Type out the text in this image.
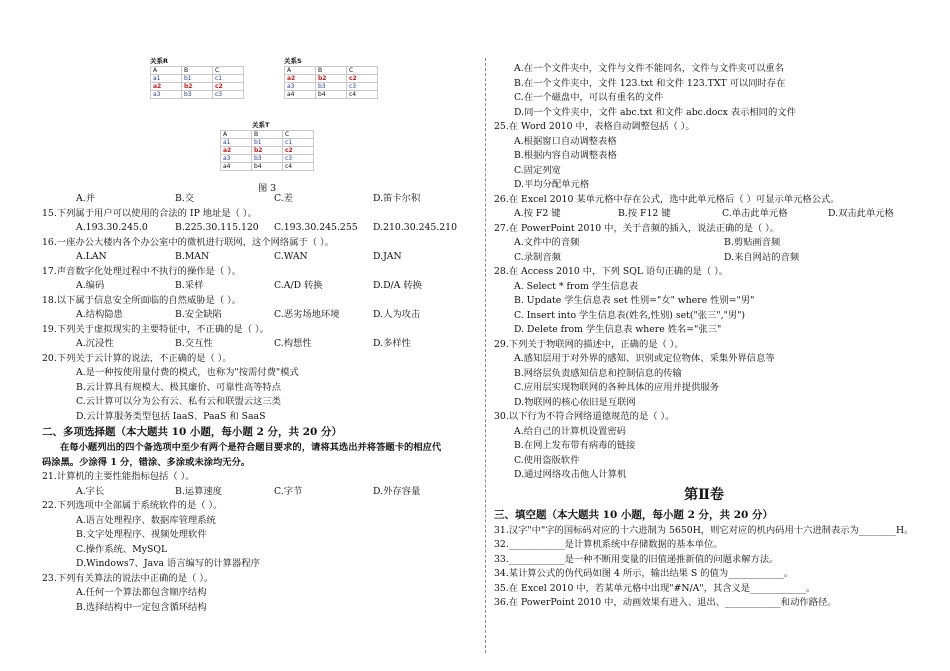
关系R
A	B	C
a1	b1	c1
a2	b2	c2
a3	b3	c3
关系S
A	B	C
a2	b2	c2
a3	b3	c3
a4	b4	c4
关系T
A	B	C
a1	b1	c1
a2	b2	c2
a3	b3	c3
a4	b4	c4
图 3
A.并	B.交	C.差	D.笛卡尔积
15.下列属于用户可以使用的合法的 IP 地址是（ ）。
A.193.30.245.0	B.225.30.115.120	C.193.30.245.255	D.210.30.245.210
16.一座办公大楼内各个办公室中的微机进行联网，这个网络属于（ ）。
A.LAN	B.MAN	C.WAN	D.JAN
17.声音数字化处理过程中不执行的操作是（ ）。
A.编码	B.采样	C.A/D 转换	D.D/A 转换
18.以下属于信息安全所面临的自然威胁是（ ）。
A.结构隐患	B.安全缺陷	C.恶劣场地环境	D.人为攻击
19.下列关于虚拟现实的主要特征中，不正确的是（ ）。
A.沉浸性	B.交互性	C.构想性	D.多样性
20.下列关于云计算的说法，不正确的是（ ）。
A.是一种按使用量付费的模式，也称为"按需付费"模式
B.云计算具有规模大、极其廉价、可靠性高等特点
C.云计算可以分为公有云、私有云和联盟云这三类
D.云计算服务类型包括 IaaS、PaaS 和 SaaS
二、多项选择题（本大题共 10 小题，每小题 2 分，共 20 分）
在每小题列出的四个备选项中至少有两个是符合题目要求的，请将其选出并将答题卡的相应代
码涂黑。少涂得 1 分，错涂、多涂或未涂均无分。
21.计算机的主要性能指标包括（ ）。
A.字长	B.运算速度	C.字节	D.外存容量
22.下列选项中全部属于系统软件的是（ ）。
A.语言处理程序、数据库管理系统
B.文字处理程序、视频处理软件
C.操作系统、MySQL
D.Windows7、Java 语言编写的计算器程序
23.下列有关算法的说法中正确的是（ ）。
A.任何一个算法都包含顺序结构
B.选择结构中一定包含循环结构
A.在一个文件夹中，文件与文件不能同名，文件与文件夹可以重名
B.在一个文件夹中，文件 123.txt 和文件 123.TXT 可以同时存在
C.在一个磁盘中，可以有重名的文件
D.同一个文件夹中，文件 abc.txt 和文件 abc.docx 表示相同的文件
25.在 Word 2010 中，表格自动调整包括（ ）。
A.根据窗口自动调整表格
B.根据内容自动调整表格
C.固定列宽
D.平均分配单元格
26.在 Excel 2010 某单元格中存在公式，选中此单元格后（ ）可显示单元格公式。
A.按 F2 键	B.按 F12 键	C.单击此单元格	D.双击此单元格
27.在 PowerPoint 2010 中，关于音频的插入，说法正确的是（ ）。
A.文件中的音频	B.剪贴画音频
C.录制音频	D.来自网站的音频
28.在 Access 2010 中，下列 SQL 语句正确的是（ ）。
A. Select * from 学生信息表
B. Update 学生信息表 set 性别="女" where 性别="男"
C. Insert into 学生信息表(姓名,性别) set("张三","男")
D. Delete from 学生信息表 where 姓名="张三"
29.下列关于物联网的描述中，正确的是（ ）。
A.感知层用于对外界的感知、识别或定位物体、采集外界信息等
B.网络层负责感知信息和控制信息的传输
C.应用层实现物联网的各种具体的应用并提供服务
D.物联网的核心依旧是互联网
30.以下行为不符合网络道德规范的是（ ）。
A.给自己的计算机设置密码
B.在网上发布带有病毒的链接
C.使用盗版软件
D.通过网络攻击他人计算机
第Ⅱ卷
三、填空题（本大题共 10 小题，每小题 2 分，共 20 分）
31.汉字"中"字的国标码对应的十六进制为 5650H，则它对应的机内码用十六进制表示为________H。
32.____________是计算机系统中存储数据的基本单位。
33.____________是一种不断用变量的旧值递推新值的问题求解方法。
34.某计算公式的伪代码如图 4 所示，输出结果 S 的值为____________。
35.在 Excel 2010 中，若某单元格中出现"#N/A"，其含义是____________。
36.在 PowerPoint 2010 中，动画效果有进入、退出、____________和动作路径。
